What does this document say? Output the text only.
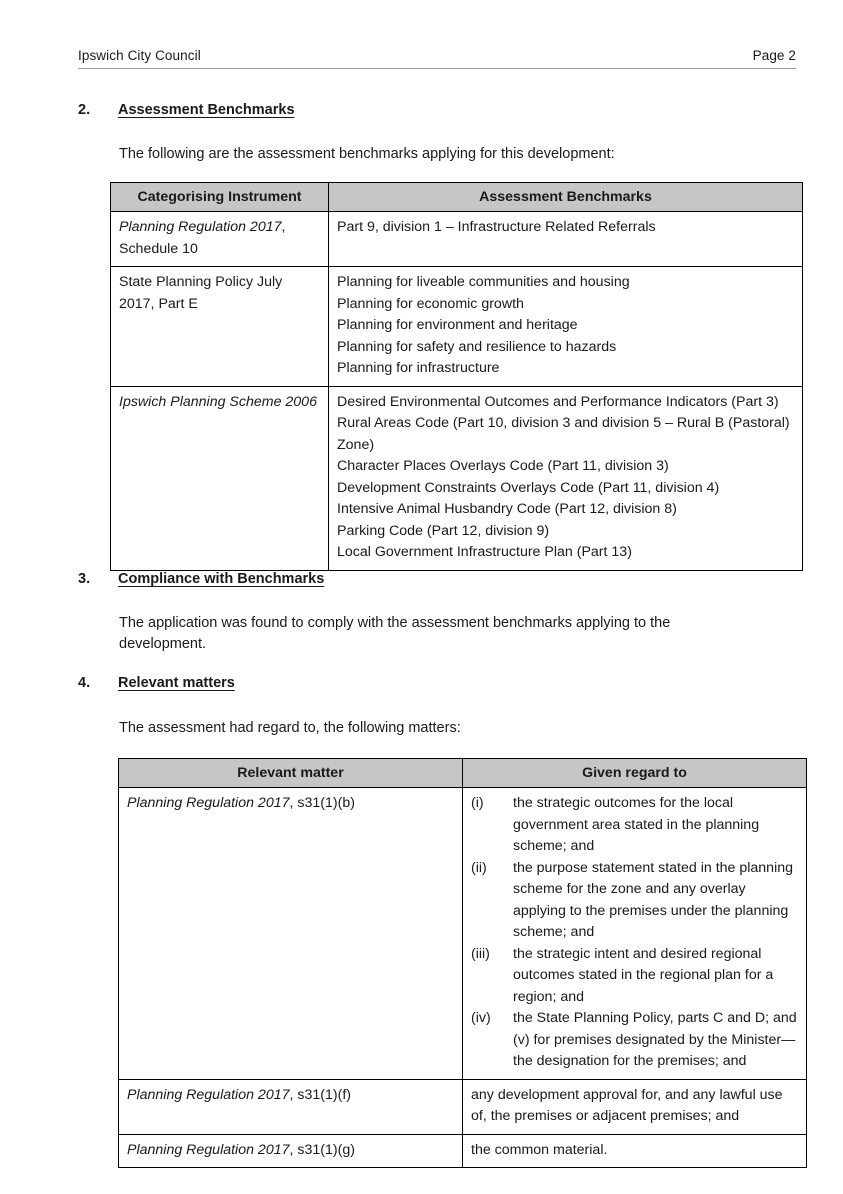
Ipswich City Council	Page 2
2.	Assessment Benchmarks
The following are the assessment benchmarks applying for this development:
Categorising Instrument	Assessment Benchmarks
Planning Regulation 2017, Schedule 10	Part 9, division 1 – Infrastructure Related Referrals

State Planning Policy July 2017, Part E	Planning for liveable communities and housing
Planning for economic growth
Planning for environment and heritage
Planning for safety and resilience to hazards
Planning for infrastructure

Ipswich Planning Scheme 2006	Desired Environmental Outcomes and Performance Indicators (Part 3)
Rural Areas Code (Part 10, division 3 and division 5 – Rural B (Pastoral) Zone)
Character Places Overlays Code (Part 11, division 3)
Development Constraints Overlays Code (Part 11, division 4)
Intensive Animal Husbandry Code (Part 12, division 8)
Parking Code (Part 12, division 9)
Local Government Infrastructure Plan (Part 13)
3.	Compliance with Benchmarks
The application was found to comply with the assessment benchmarks applying to the development.
4.	Relevant matters
The assessment had regard to, the following matters:
Relevant matter	Given regard to
Planning Regulation 2017, s31(1)(b)	(i)	the strategic outcomes for the local government area stated in the planning scheme; and
(ii)	the purpose statement stated in the planning scheme for the zone and any overlay applying to the premises under the planning scheme; and
(iii)	the strategic intent and desired regional outcomes stated in the regional plan for a region; and
(iv)	the State Planning Policy, parts C and D; and (v) for premises designated by the Minister—the designation for the premises; and

Planning Regulation 2017, s31(1)(f)	any development approval for, and any lawful use of, the premises or adjacent premises; and
Planning Regulation 2017, s31(1)(g)	the common material.
